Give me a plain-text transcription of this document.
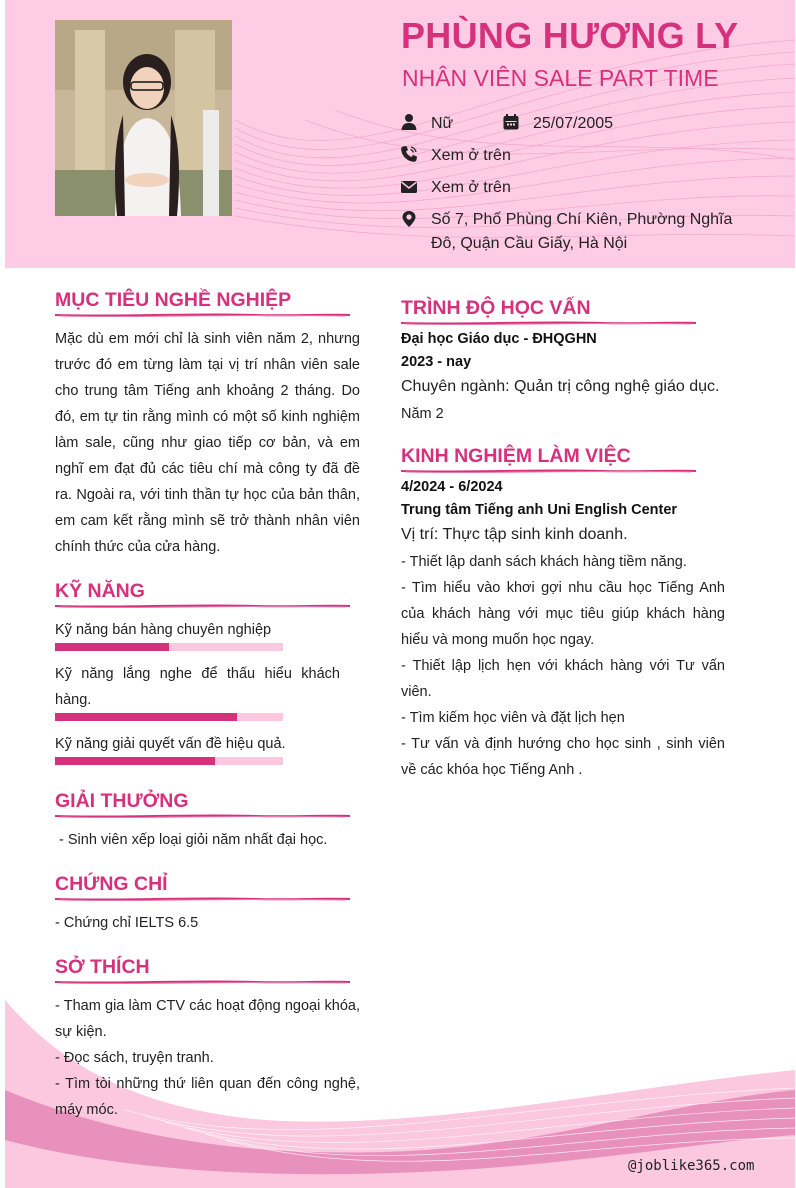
PHÙNG HƯƠNG LY
NHÂN VIÊN SALE PART TIME
Nữ	25/07/2005
Xem ở trên
Xem ở trên
Số 7, Phố Phùng Chí Kiên, Phường Nghĩa Đô, Quận Cầu Giấy, Hà Nội
MỤC TIÊU NGHỀ NGHIỆP
Mặc dù em mới chỉ là sinh viên năm 2, nhưng trước đó em từng làm tại vị trí nhân viên sale cho trung tâm Tiếng anh khoảng 2 tháng. Do đó, em tự tin rằng mình có một số kinh nghiệm làm sale, cũng như giao tiếp cơ bản, và em nghĩ em đạt đủ các tiêu chí mà công ty đã đề ra. Ngoài ra, với tinh thần tự học của bản thân, em cam kết rằng mình sẽ trở thành nhân viên chính thức của cửa hàng.
KỸ NĂNG
Kỹ năng bán hàng chuyên nghiệp
Kỹ năng lắng nghe để thấu hiểu khách hàng.
Kỹ năng giải quyết vấn đề hiệu quả.
GIẢI THƯỞNG
- Sinh viên xếp loại giỏi năm nhất đại học.
CHỨNG CHỈ
- Chứng chỉ IELTS 6.5
SỞ THÍCH
- Tham gia làm CTV các hoạt động ngoại khóa, sự kiện.
- Đọc sách, truyện tranh.
- Tìm tòi những thứ liên quan đến công nghệ, máy móc.
TRÌNH ĐỘ HỌC VẤN
Đại học Giáo dục - ĐHQGHN
2023 - nay
Chuyên ngành: Quản trị công nghệ giáo dục.
Năm 2
KINH NGHIỆM LÀM VIỆC
4/2024 - 6/2024
Trung tâm Tiếng anh Uni English Center
Vị trí: Thực tập sinh kinh doanh.
- Thiết lập danh sách khách hàng tiềm năng.
- Tìm hiểu vào khơi gợi nhu cầu học Tiếng Anh của khách hàng với mục tiêu giúp khách hàng hiểu và mong muốn học ngay.
- Thiết lập lịch hẹn với khách hàng với Tư vấn viên.
- Tìm kiếm học viên và đặt lịch hẹn
- Tư vấn và định hướng cho học sinh , sinh viên về các khóa học Tiếng Anh .
@joblike365.com
